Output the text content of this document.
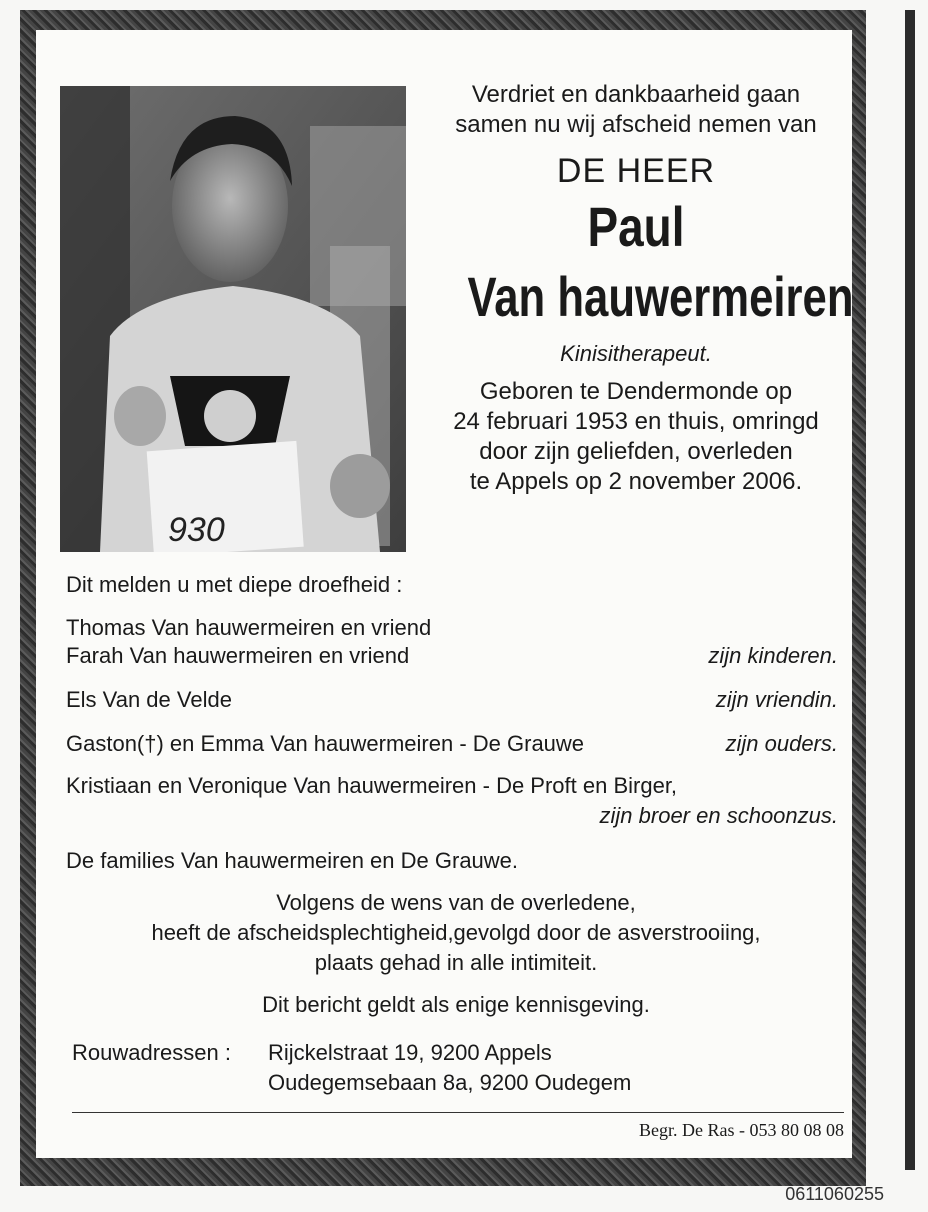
930
Verdriet en dankbaarheid gaan
samen nu wij afscheid nemen van
DE HEER
Paul
Van hauwermeiren
Kinisitherapeut.
Geboren te Dendermonde op
24 februari 1953 en thuis, omringd
door zijn geliefden, overleden
te Appels op 2 november 2006.
Dit melden u met diepe droefheid :
Thomas Van hauwermeiren en vriend
Farah Van hauwermeiren en vriend	zijn kinderen.
Els Van de Velde	zijn vriendin.
Gaston(†) en Emma Van hauwermeiren - De Grauwe	zijn ouders.
Kristiaan en Veronique Van hauwermeiren - De Proft en Birger,
zijn broer en schoonzus.
De families Van hauwermeiren en De Grauwe.
Volgens de wens van de overledene,
heeft de afscheidsplechtigheid,gevolgd door de asverstrooiing,
plaats gehad in alle intimiteit.
Dit bericht geldt als enige kennisgeving.
Rouwadressen : Rijckelstraat 19, 9200 Appels
Oudegemsebaan 8a, 9200 Oudegem
Begr. De Ras - 053 80 08 08
0611060255
